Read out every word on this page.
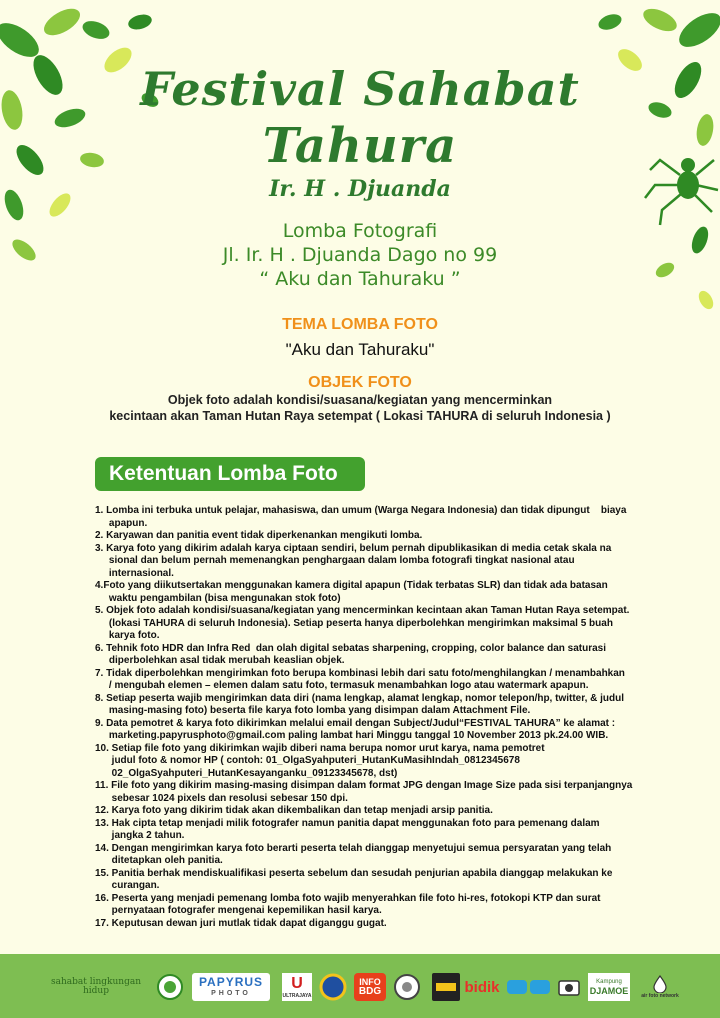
Festival Sahabat
Tahura
Ir. H . Djuanda
Lomba Fotografi
Jl. Ir. H . Djuanda Dago no 99
“ Aku dan Tahuraku ”
TEMA LOMBA FOTO
"Aku dan Tahuraku"
OBJEK FOTO
Objek foto adalah kondisi/suasana/kegiatan yang mencerminkan
kecintaan akan Taman Hutan Raya setempat ( Lokasi TAHURA di seluruh Indonesia )
Ketentuan Lomba Foto
1. Lomba ini terbuka untuk pelajar, mahasiswa, dan umum (Warga Negara Indonesia) dan tidak dipungut    biaya
apapun.
2. Karyawan dan panitia event tidak diperkenankan mengikuti lomba.
3. Karya foto yang dikirim adalah karya ciptaan sendiri, belum pernah dipublikasikan di media cetak skala na
sional dan belum pernah memenangkan penghargaan dalam lomba fotografi tingkat nasional atau
internasional.
4.Foto yang diikutsertakan menggunakan kamera digital apapun (Tidak terbatas SLR) dan tidak ada batasan
waktu pengambilan (bisa mengunakan stok foto)
5. Objek foto adalah kondisi/suasana/kegiatan yang mencerminkan kecintaan akan Taman Hutan Raya setempat.
(lokasi TAHURA di seluruh Indonesia). Setiap peserta hanya diperbolehkan mengirimkan maksimal 5 buah
karya foto.
6. Tehnik foto HDR dan Infra Red  dan olah digital sebatas sharpening, cropping, color balance dan saturasi
diperbolehkan asal tidak merubah keaslian objek.
7. Tidak diperbolehkan mengirimkan foto berupa kombinasi lebih dari satu foto/menghilangkan / menambahkan
/ mengubah elemen – elemen dalam satu foto, termasuk menambahkan logo atau watermark apapun.
8. Setiap peserta wajib mengirimkan data diri (nama lengkap, alamat lengkap, nomor telepon/hp, twitter, & judul
masing-masing foto) beserta file karya foto lomba yang disimpan dalam Attachment File.
9. Data pemotret & karya foto dikirimkan melalui email dengan Subject/Judul“FESTIVAL TAHURA” ke alamat :
marketing.papyrusphoto@gmail.com paling lambat hari Minggu tanggal 10 November 2013 pk.24.00 WIB.
10. Setiap file foto yang dikirimkan wajib diberi nama berupa nomor urut karya, nama pemotret
judul foto & nomor HP ( contoh: 01_OlgaSyahputeri_HutanKuMasihIndah_0812345678
02_OlgaSyahputeri_HutanKesayanganku_09123345678, dst)
11. File foto yang dikirim masing-masing disimpan dalam format JPG dengan Image Size pada sisi terpanjangnya
sebesar 1024 pixels dan resolusi sebesar 150 dpi.
12. Karya foto yang dikirim tidak akan dikembalikan dan tetap menjadi arsip panitia.
13. Hak cipta tetap menjadi milik fotografer namun panitia dapat menggunakan foto para pemenang dalam
jangka 2 tahun.
14. Dengan mengirimkan karya foto berarti peserta telah dianggap menyetujui semua persyaratan yang telah
ditetapkan oleh panitia.
15. Panitia berhak mendiskualifikasi peserta sebelum dan sesudah penjurian apabila dianggap melakukan ke
curangan.
16. Peserta yang menjadi pemenang lomba foto wajib menyerahkan file foto hi-res, fotokopi KTP dan surat
pernyataan fotografer mengenai kepemilikan hasil karya.
17. Keputusan dewan juri mutlak tidak dapat diganggu gugat.
sahabat lingkungan hidup
PAPYRUS
PHOTO
U
ULTRAJAYA
INFO
BDG	bidik	Kampung
DJAMOE	air foto network
